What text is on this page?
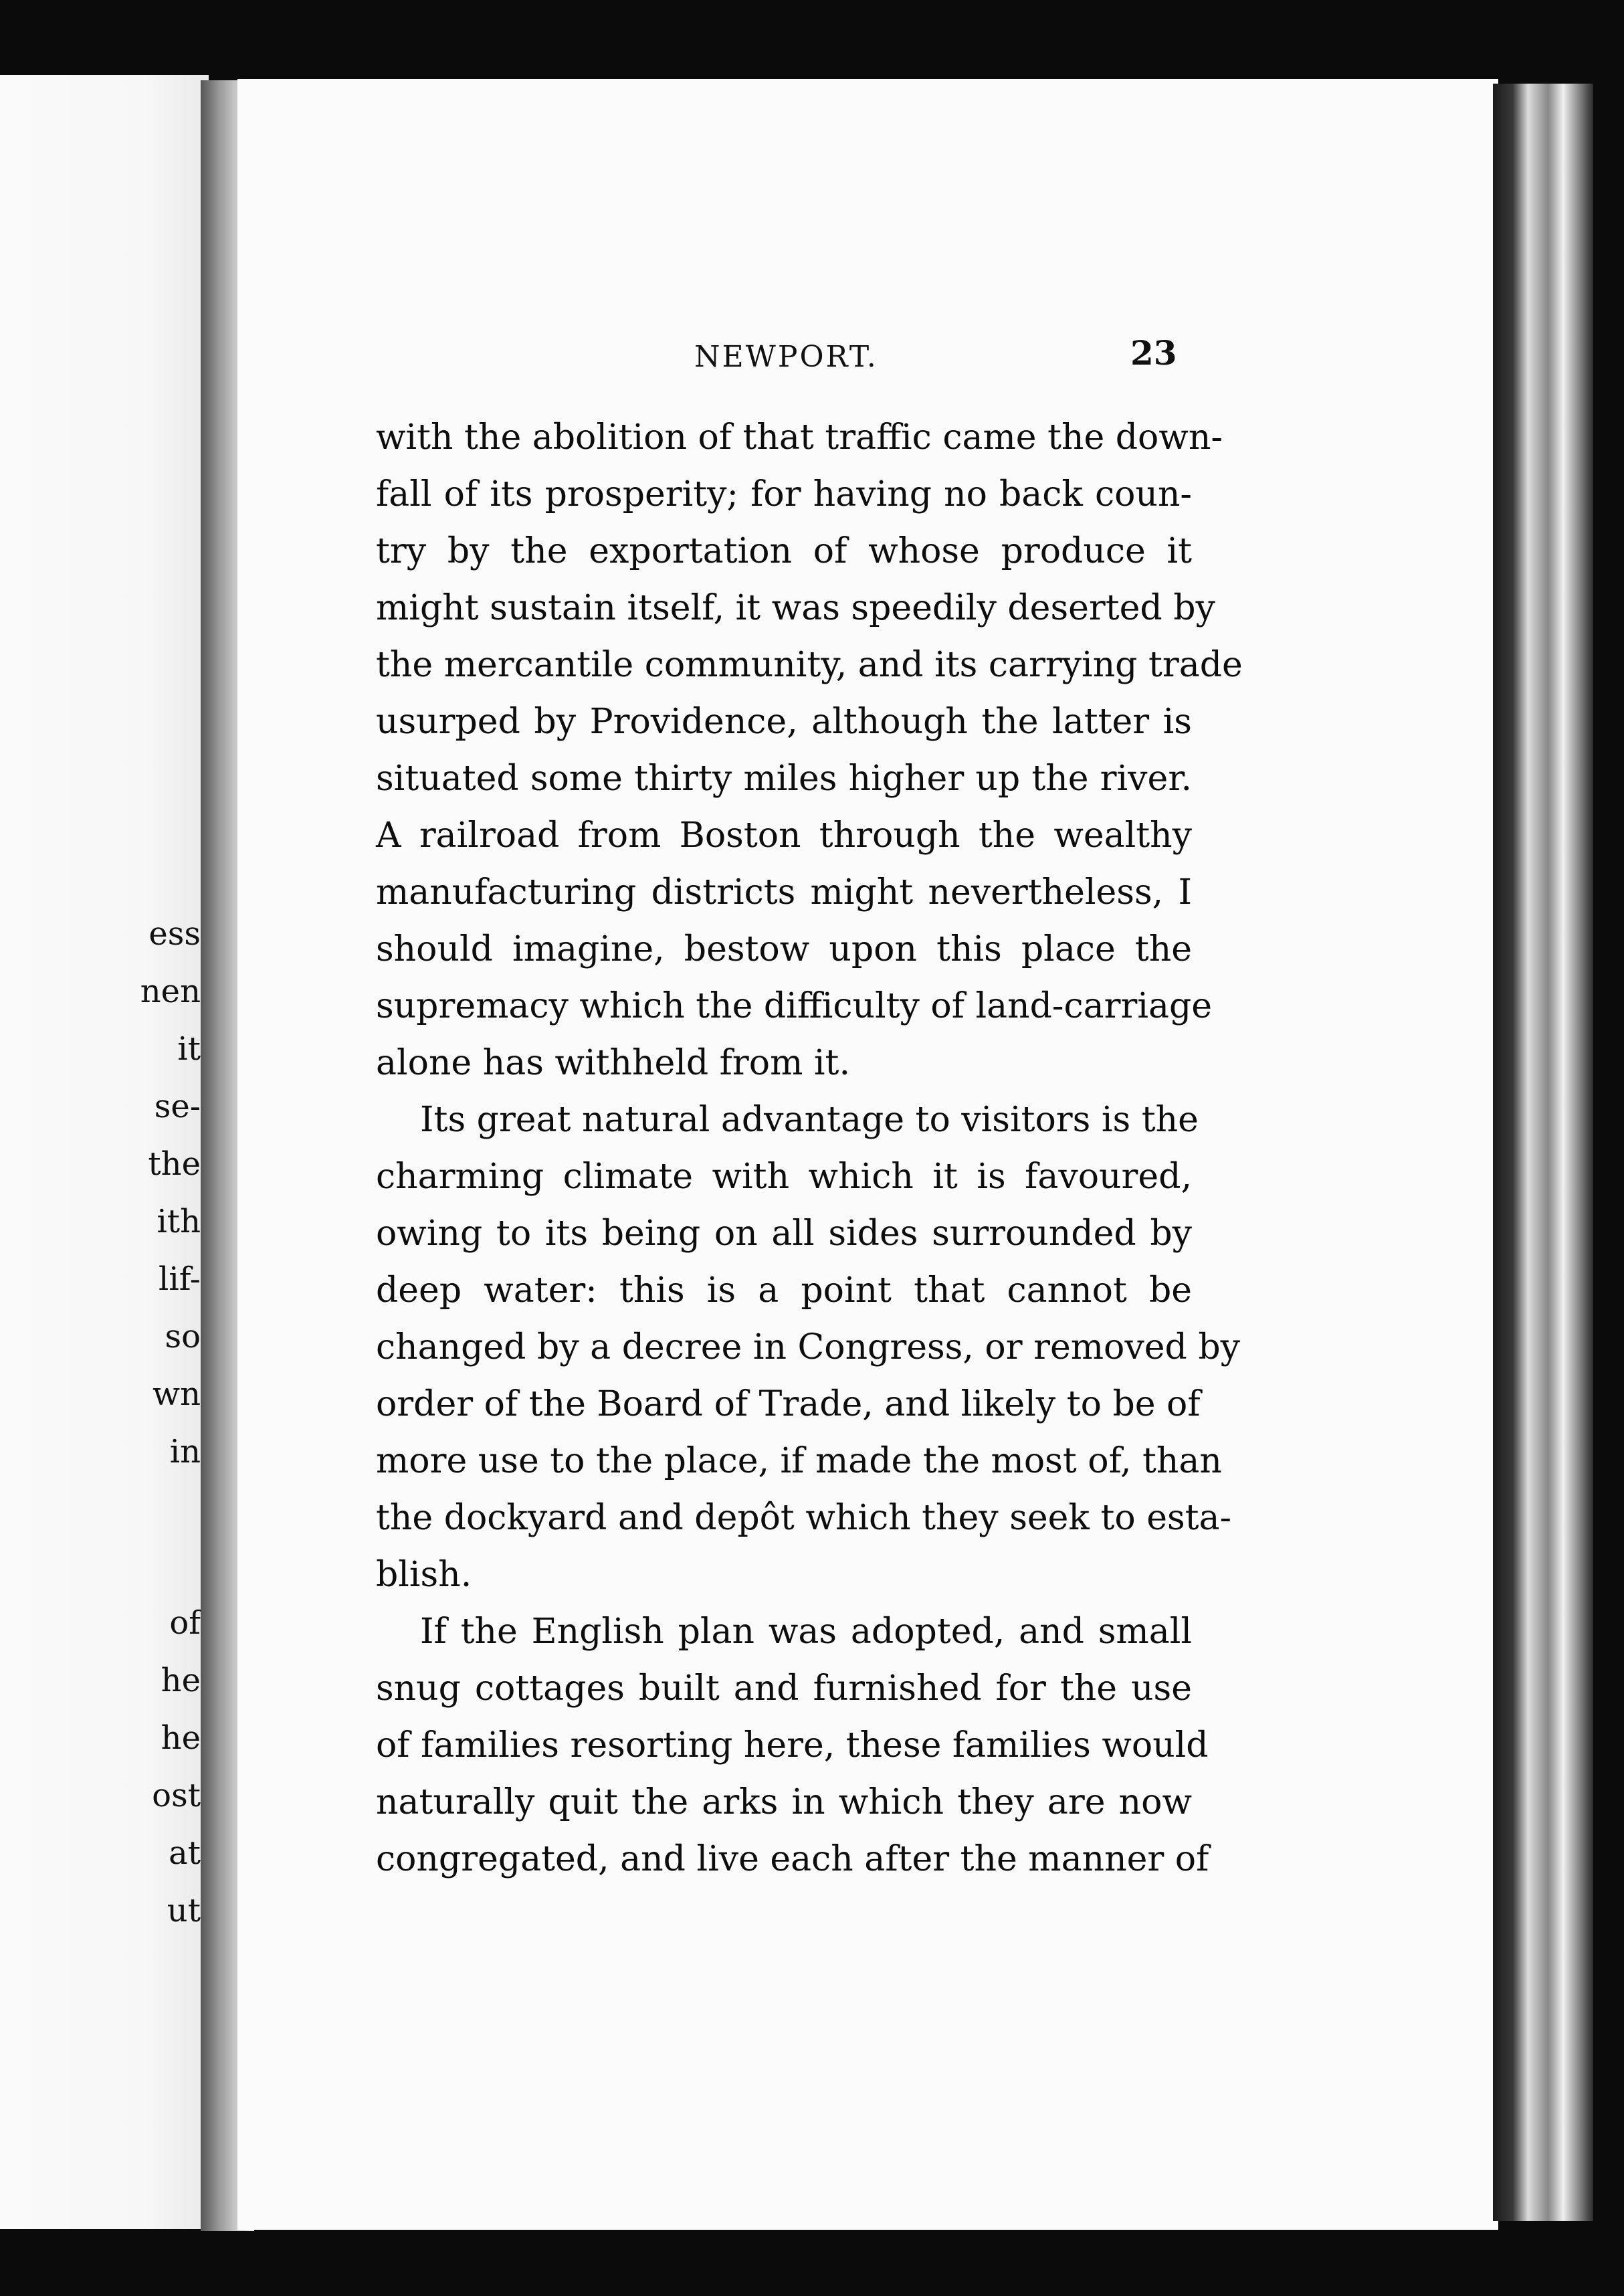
ess
nen
it
se-
the
ith
lif-
so
wn
in
of
he
he
ost
at
ut
NEWPORT.	23
with the abolition of that traffic came the down-
fall of its prosperity; for having no back coun-
try by the exportation of whose produce it
might sustain itself, it was speedily deserted by
the mercantile community, and its carrying trade
usurped by Providence, although the latter is
situated some thirty miles higher up the river.
A railroad from Boston through the wealthy
manufacturing districts might nevertheless, I
should imagine, bestow upon this place the
supremacy which the difficulty of land-carriage
alone has withheld from it.
Its great natural advantage to visitors is the
charming climate with which it is favoured,
owing to its being on all sides surrounded by
deep water: this is a point that cannot be
changed by a decree in Congress, or removed by
order of the Board of Trade, and likely to be of
more use to the place, if made the most of, than
the dockyard and depôt which they seek to esta-
blish.
If the English plan was adopted, and small
snug cottages built and furnished for the use
of families resorting here, these families would
naturally quit the arks in which they are now
congregated, and live each after the manner of
